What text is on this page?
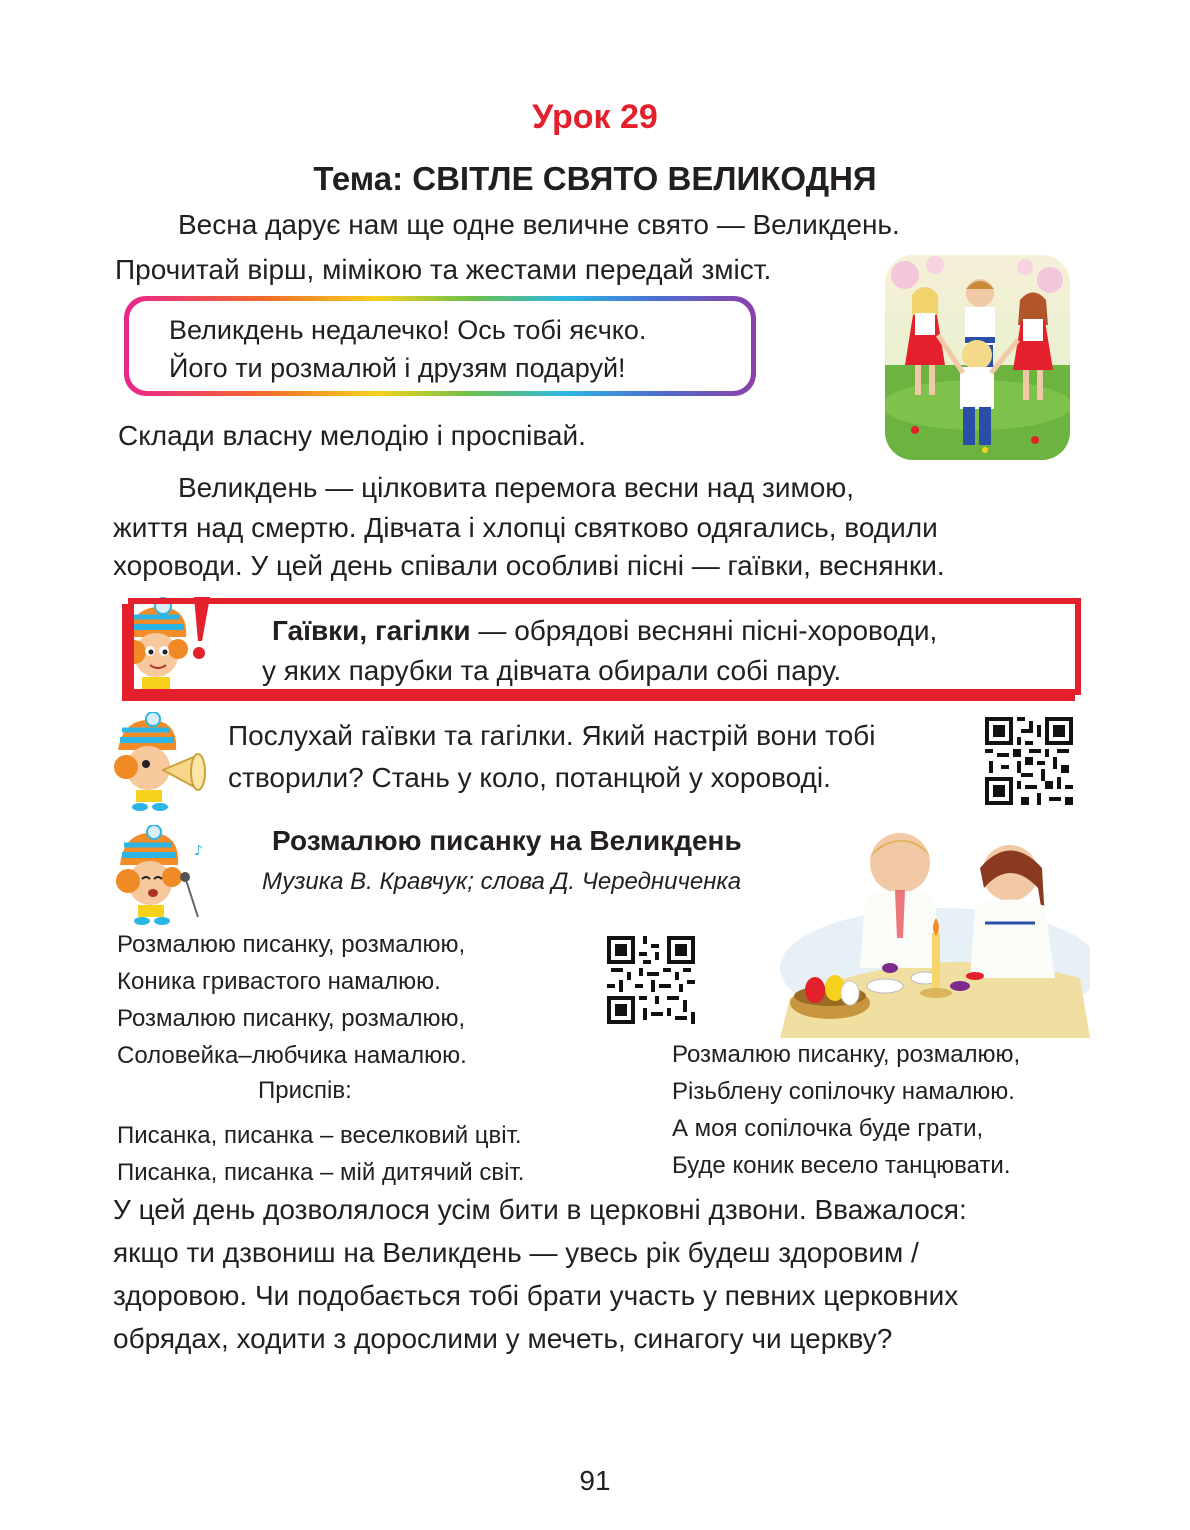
Урок 29
Тема: СВІТЛЕ СВЯТО ВЕЛИКОДНЯ
Весна дарує нам ще одне величне свято — Великдень.
Прочитай вірш, мімікою та жестами передай зміст.
Великдень недалечко! Ось тобі яєчко.
Його ти розмалюй і друзям подаруй!
Склади власну мелодію і проспівай.
Великдень — цілковита перемога весни над зимою,
життя над смертю. Дівчата і хлопці святково одягались, водили
хороводи. У цей день співали особливі пісні — гаївки, веснянки.
Гаївки, гагілки — обрядові весняні пісні-хороводи,
у яких парубки та дівчата обирали собі пару.
Послухай гаївки та гагілки. Який настрій вони тобі
створили? Стань у коло, потанцюй у хороводі.
♪ Розмалюю писанку на Великдень
Музика В. Кравчук; слова Д. Чередниченка
Розмалюю писанку, розмалюю,
Коника гривастого намалюю.
Розмалюю писанку, розмалюю,
Соловейка–любчика намалюю.
Приспів:
Писанка, писанка – веселковий цвіт.
Писанка, писанка – мій дитячий світ.
Розмалюю писанку, розмалюю,
Різьблену сопілочку намалюю.
А моя сопілочка буде грати,
Буде коник весело танцювати.
У цей день дозволялося усім бити в церковні дзвони. Вважалося:
якщо ти дзвониш на Великдень — увесь рік будеш здоровим /
здоровою. Чи подобається тобі брати участь у певних церковних
обрядах, ходити з дорослими у мечеть, синагогу чи церкву?
91
